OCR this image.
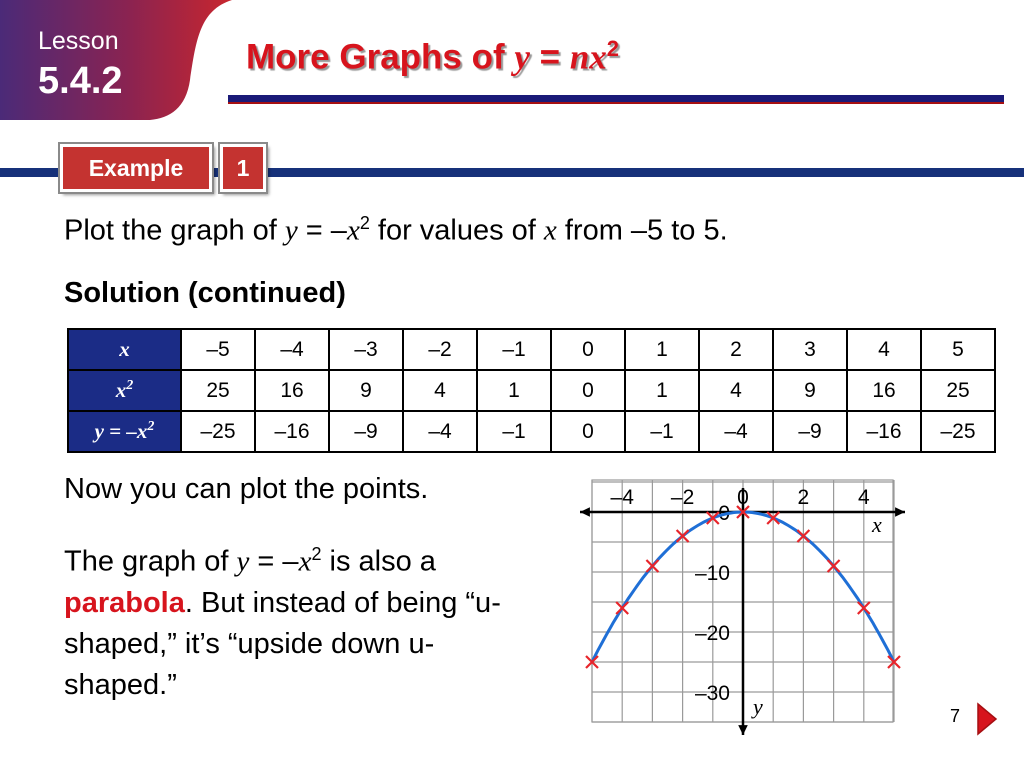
Lesson
5.4.2
More Graphs of $y = nx^2$
Example	1
Plot the graph of $y = -x^2$ for values of x from –5 to 5.
Solution (continued)
x	–5	–4	–3	–2	–1	0	1	2	3	4	5
$x^2$	25	16	9	4	1	0	1	4	9	16	25
$y = -x^2$	–25	–16	–9	–4	–1	0	–1	–4	–9	–16	–25
Now you can plot the points.
The graph of $y = -x^2$ is also a parabola. But instead of being “u-shaped,” it’s “upside down u-shaped.”
–4 –2 0 2 4
0
–10
–20
–30
x
y	7
